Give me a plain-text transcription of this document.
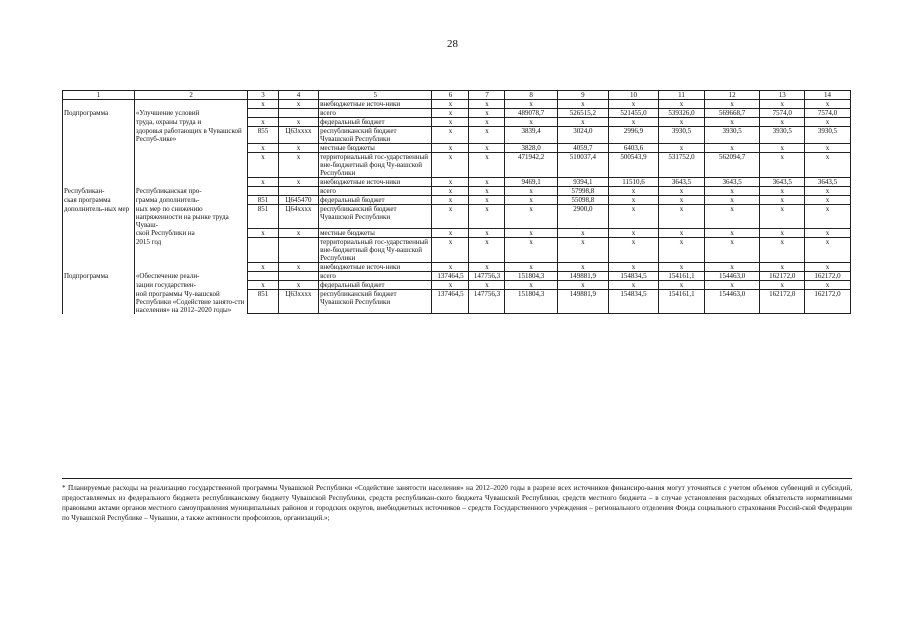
28
1	2	3	4	5	6	7	8	9	10	11	12	13	14
		x	x	внебюджетные источ-ники	x	x	x	x	x	x	x	x	x
Подпрограмма	«Улучшение условий			всего	x	x	489078,7	526515,2	521455,0	539326,0	569668,7	7574,0	7574,0
	труда, охраны труда и	x	x	федеральный бюджет	x	x	x	x	x	x	x	x	x
	здоровья работающих в Чувашской Респуб-лике»	855	Ц63хххх	республиканский бюджет Чувашской Республики	x	x	3839,4	3024,0	2996,9	3930,5	3930,5	3930,5	3930,5
		x	x	местные бюджеты	x	x	3828,0	4059,7	6403,6	x	x	x	x
		x	x	территориальный гос-ударственный вне-бюджетный фонд Чу-вашской Республики	x	x	471942,2	510037,4	500543,9	531752,0	562094,7	x	x
		x	x	внебюджетные источ-ники	x	x	9469,1	9394,1	11510,6	3643,5	3643,5	3643,5	3643,5
Республикан-	Республиканская про-			всего	x	x	x	57998,8	x	x	x	x	x
ская программа	грамма дополнитель-	851	Ц645470	федеральный бюджет	x	x	x	55098,8	x	x	x	x	x
дополнитель-ных мер	ных мер по снижению напряженности на рынке труда Чуваш-	851	Ц64хххх	республиканский бюджет Чувашской Республики	x	x	x	2900,0	x	x	x	x	x
	ской Республики на	x	x	местные бюджеты	x	x	x	x	x	x	x	x	x
	2015 год			территориальный гос-ударственный вне-бюджетный фонд Чу-вашской Республики	x	x	x	x	x	x	x	x	x
		x	x	внебюджетные источ-ники	x	x	x	x	x	x	x	x	x
Подпрограмма	«Обеспечение реали-			всего	137464,5	147756,3	151804,3	149881,9	154834,5	154161,1	154463,0	162172,0	162172,0
	зации государствен-	x	x	федеральный бюджет	x	x	x	x	x	x	x	x	x
	ной программы Чу-вашской Республики «Содействие занято-сти населения» на 2012–2020 годы»	851	Ц63хххх	республиканский бюджет Чувашской Республики	137464,5	147756,3	151804,3	149881,9	154834,5	154161,1	154463,0	162172,0	162172,0

* Планируемые расходы на реализацию государственной программы Чувашской Республики «Содействие занятости населения» на 2012–2020 годы в разрезе всех источников финансиро-вания могут уточняться с учетом объемов субвенций и субсидий, предоставляемых из федерального бюджета республиканскому бюджету Чувашской Республики, средств республикан-ского бюджета Чувашской Республики, средств местного бюджета – в случае установления расходных обязательств нормативными правовыми актами органов местного самоуправления муниципальных районов и городских округов, внебюджетных источников – средств Государственного учреждения – регионального отделения Фонда социального страхования Россий-ской Федерации по Чувашской Республике – Чувашии, а также активности профсоюзов, организаций.»;
